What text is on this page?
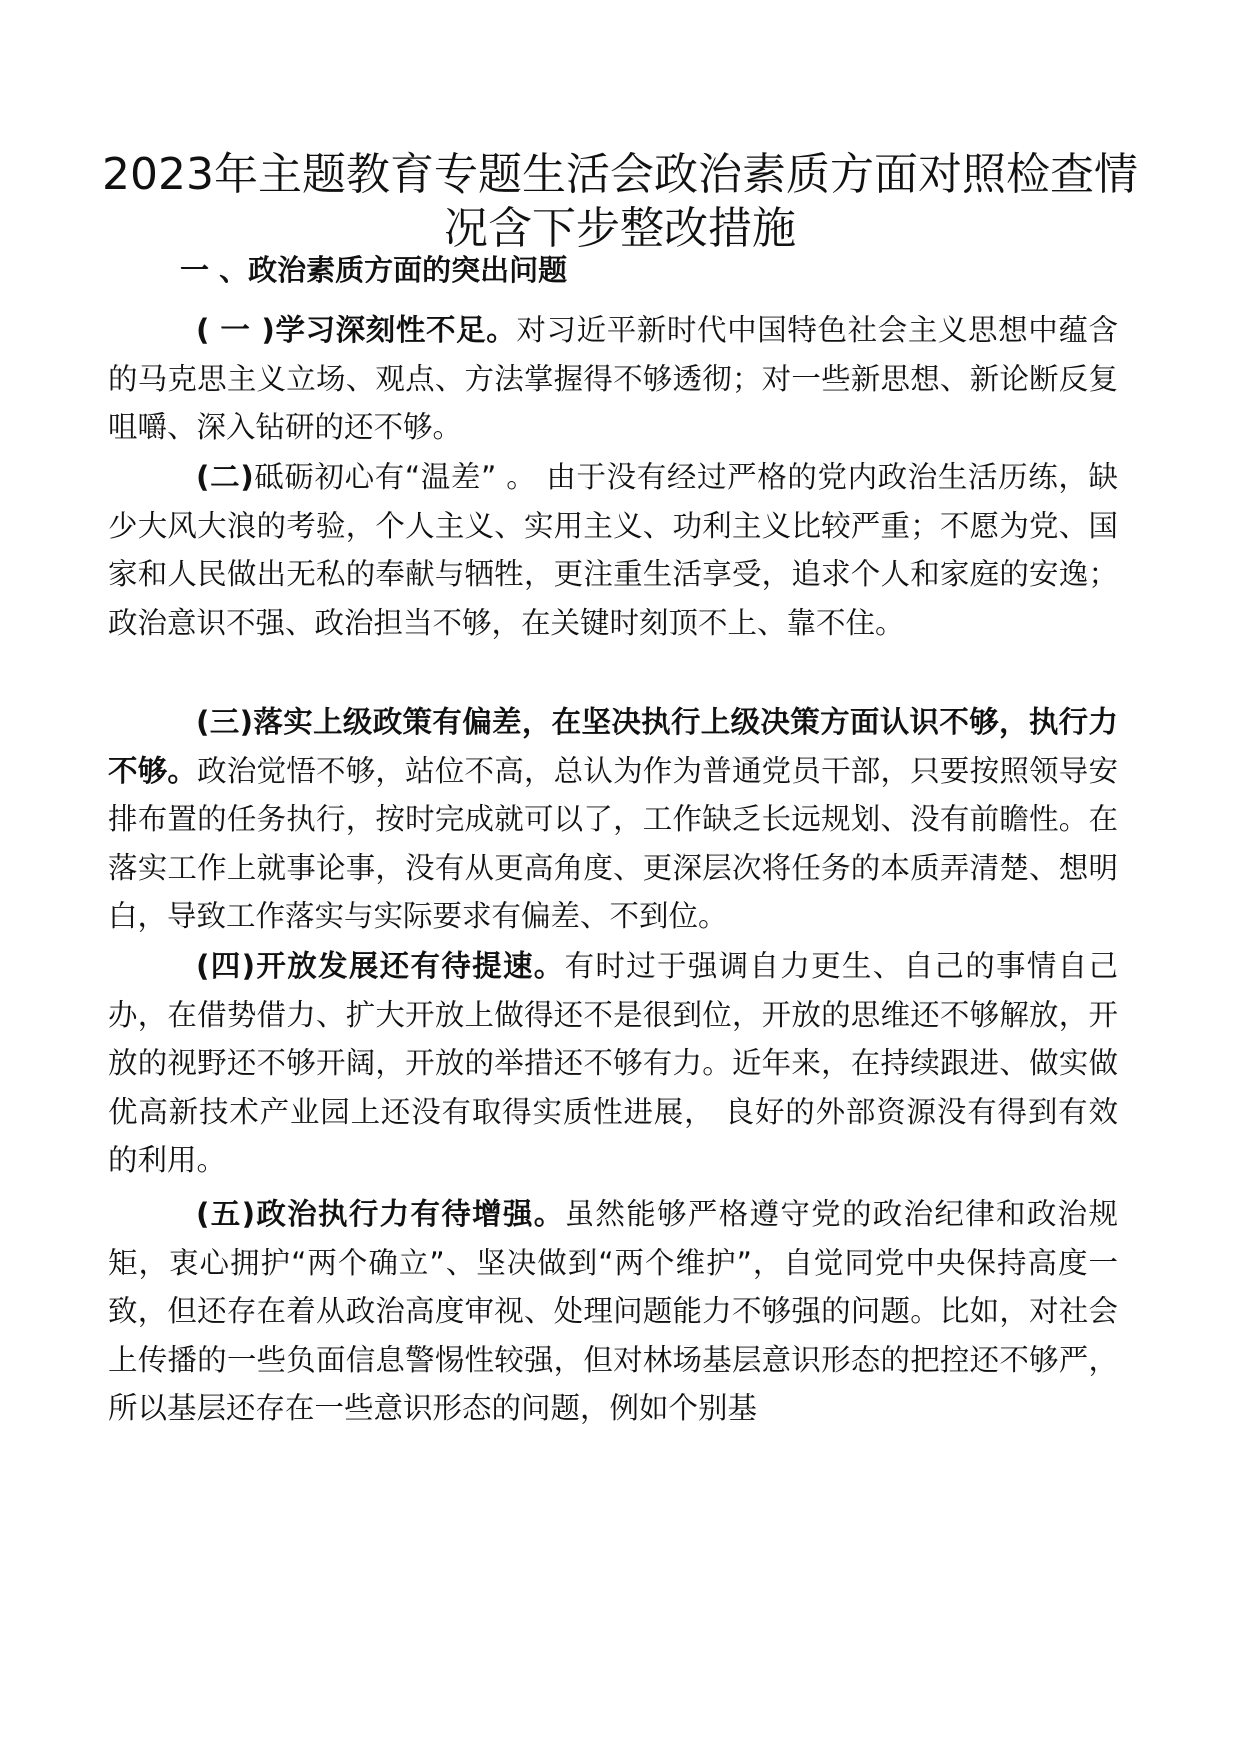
2023年主题教育专题生活会政治素质方面对照检查情况含下步整改措施
一 、政治素质方面的突出问题

( 一 )学习深刻性不足。对习近平新时代中国特色社会主义思想中蕴含的马克思主义立场、观点、方法掌握得不够透彻；对一些新思想、新论断反复咀嚼、深入钻研的还不够。

(二)砥砺初心有“温差” 。 由于没有经过严格的党内政治生活历练，缺少大风大浪的考验，个人主义、实用主义、功利主义比较严重；不愿为党、国家和人民做出无私的奉献与牺牲，更注重生活享受，追求个人和家庭的安逸；政治意识不强、政治担当不够，在关键时刻顶不上、靠不住。

(三)落实上级政策有偏差，在坚决执行上级决策方面认识不够，执行力不够。政治觉悟不够，站位不高，总认为作为普通党员干部，只要按照领导安排布置的任务执行，按时完成就可以了，工作缺乏长远规划、没有前瞻性。在落实工作上就事论事，没有从更高角度、更深层次将任务的本质弄清楚、想明白，导致工作落实与实际要求有偏差、不到位。

(四)开放发展还有待提速。有时过于强调自力更生、自己的事情自己办，在借势借力、扩大开放上做得还不是很到位，开放的思维还不够解放，开放的视野还不够开阔，开放的举措还不够有力。近年来，在持续跟进、做实做优高新技术产业园上还没有取得实质性进展， 良好的外部资源没有得到有效的利用。

(五)政治执行力有待增强。虽然能够严格遵守党的政治纪律和政治规矩，衷心拥护“两个确立”、坚决做到“两个维护”，自觉同党中央保持高度一致，但还存在着从政治高度审视、处理问题能力不够强的问题。比如，对社会上传播的一些负面信息警惕性较强，但对林场基层意识形态的把控还不够严，所以基层还存在一些意识形态的问题，例如个别基
